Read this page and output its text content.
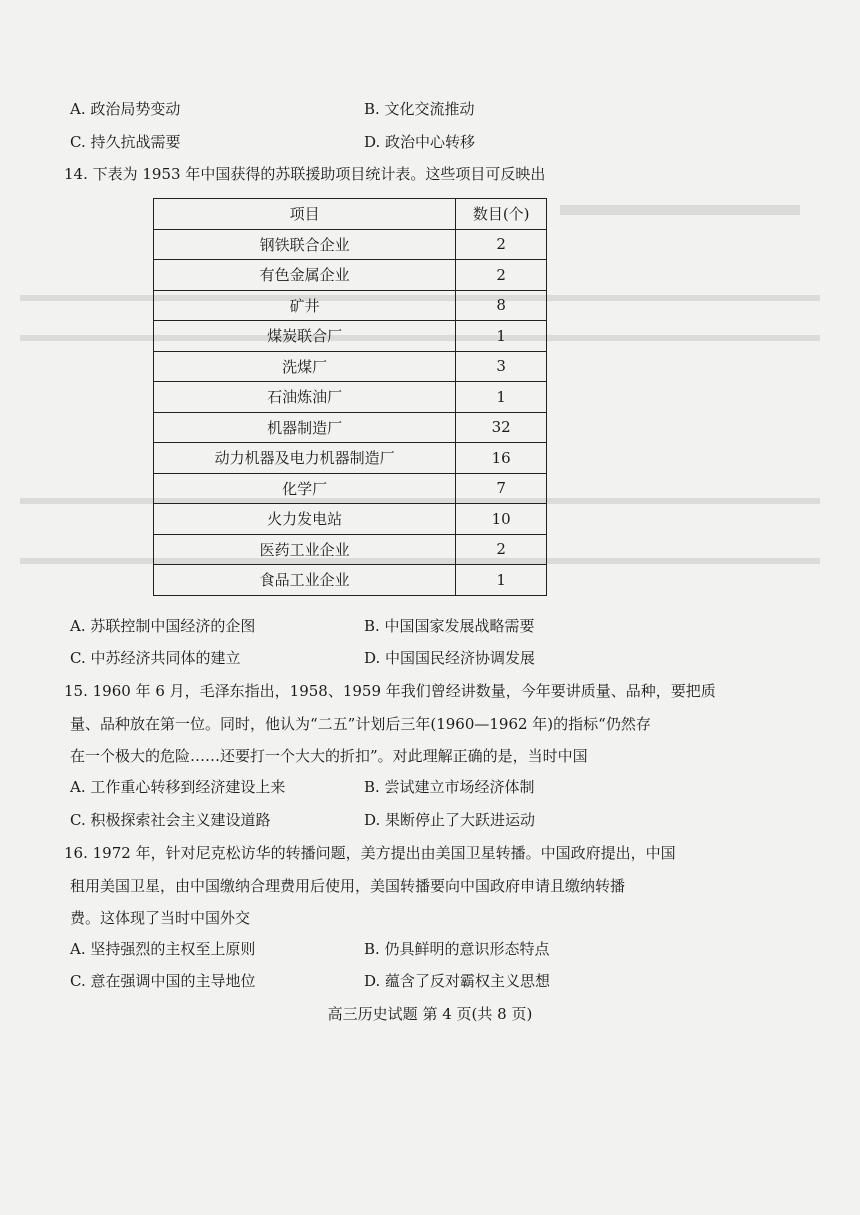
A. 政治局势变动	B. 文化交流推动
C. 持久抗战需要	D. 政治中心转移
14. 下表为 1953 年中国获得的苏联援助项目统计表。这些项目可反映出
项目	数目(个)
钢铁联合企业	2
有色金属企业	2
矿井	8
煤炭联合厂	1
洗煤厂	3
石油炼油厂	1
机器制造厂	32
动力机器及电力机器制造厂	16
化学厂	7
火力发电站	10
医药工业企业	2
食品工业企业	1
A. 苏联控制中国经济的企图	B. 中国国家发展战略需要
C. 中苏经济共同体的建立	D. 中国国民经济协调发展
15. 1960 年 6 月，毛泽东指出，1958、1959 年我们曾经讲数量，今年要讲质量、品种，要把质
量、品种放在第一位。同时，他认为“二五”计划后三年(1960—1962 年)的指标“仍然存
在一个极大的危险……还要打一个大大的折扣”。对此理解正确的是，当时中国
A. 工作重心转移到经济建设上来	B. 尝试建立市场经济体制
C. 积极探索社会主义建设道路	D. 果断停止了大跃进运动
16. 1972 年，针对尼克松访华的转播问题，美方提出由美国卫星转播。中国政府提出，中国
租用美国卫星，由中国缴纳合理费用后使用，美国转播要向中国政府申请且缴纳转播
费。这体现了当时中国外交
A. 坚持强烈的主权至上原则	B. 仍具鲜明的意识形态特点
C. 意在强调中国的主导地位	D. 蕴含了反对霸权主义思想
高三历史试题 第 4 页(共 8 页)
